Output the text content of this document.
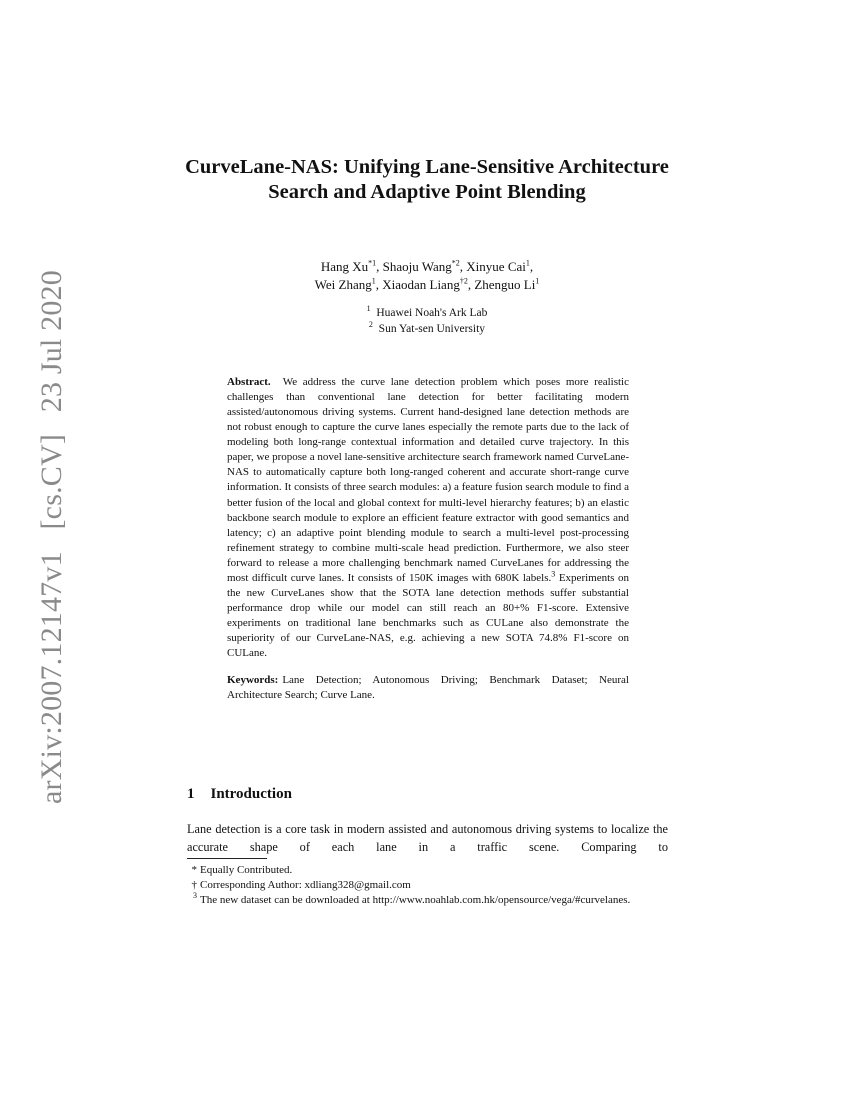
arXiv:2007.12147v1 [cs.CV] 23 Jul 2020
CurveLane-NAS: Unifying Lane-Sensitive Architecture Search and Adaptive Point Blending
Hang Xu$^{*1}$, Shaoju Wang$^{*2}$, Xinyue Cai$^1$,
Wei Zhang$^1$, Xiaodan Liang$^{\dagger 2}$, Zhenguo Li$^1$
$^1$ Huawei Noah's Ark Lab
$^2$ Sun Yat-sen University

Abstract. We address the curve lane detection problem which poses more realistic challenges than conventional lane detection for better facilitating modern assisted/autonomous driving systems. Current hand-designed lane detection methods are not robust enough to capture the curve lanes especially the remote parts due to the lack of modeling both long-range contextual information and detailed curve trajectory. In this paper, we propose a novel lane-sensitive architecture search framework named CurveLane-NAS to automatically capture both long-ranged coherent and accurate short-range curve information. It consists of three search modules: a) a feature fusion search module to find a better fusion of the local and global context for multi-level hierarchy features; b) an elastic backbone search module to explore an efficient feature extractor with good semantics and latency; c) an adaptive point blending module to search a multi-level post-processing refinement strategy to combine multi-scale head prediction. Furthermore, we also steer forward to release a more challenging benchmark named CurveLanes for addressing the most difficult curve lanes. It consists of 150K images with 680K labels.$^3$ Experiments on the new CurveLanes show that the SOTA lane detection methods suffer substantial performance drop while our model can still reach an 80+% F1-score. Extensive experiments on traditional lane benchmarks such as CULane also demonstrate the superiority of our CurveLane-NAS, e.g. achieving a new SOTA 74.8% F1-score on CULane.

Keywords: Lane Detection; Autonomous Driving; Benchmark Dataset; Neural Architecture Search; Curve Lane.

1 Introduction

Lane detection is a core task in modern assisted and autonomous driving systems to localize the accurate shape of each lane in a traffic scene. Comparing to

* Equally Contributed.

† Corresponding Author: xdliang328@gmail.com

$^3$ The new dataset can be downloaded at http://www.noahlab.com.hk/opensource/vega/#curvelanes.
